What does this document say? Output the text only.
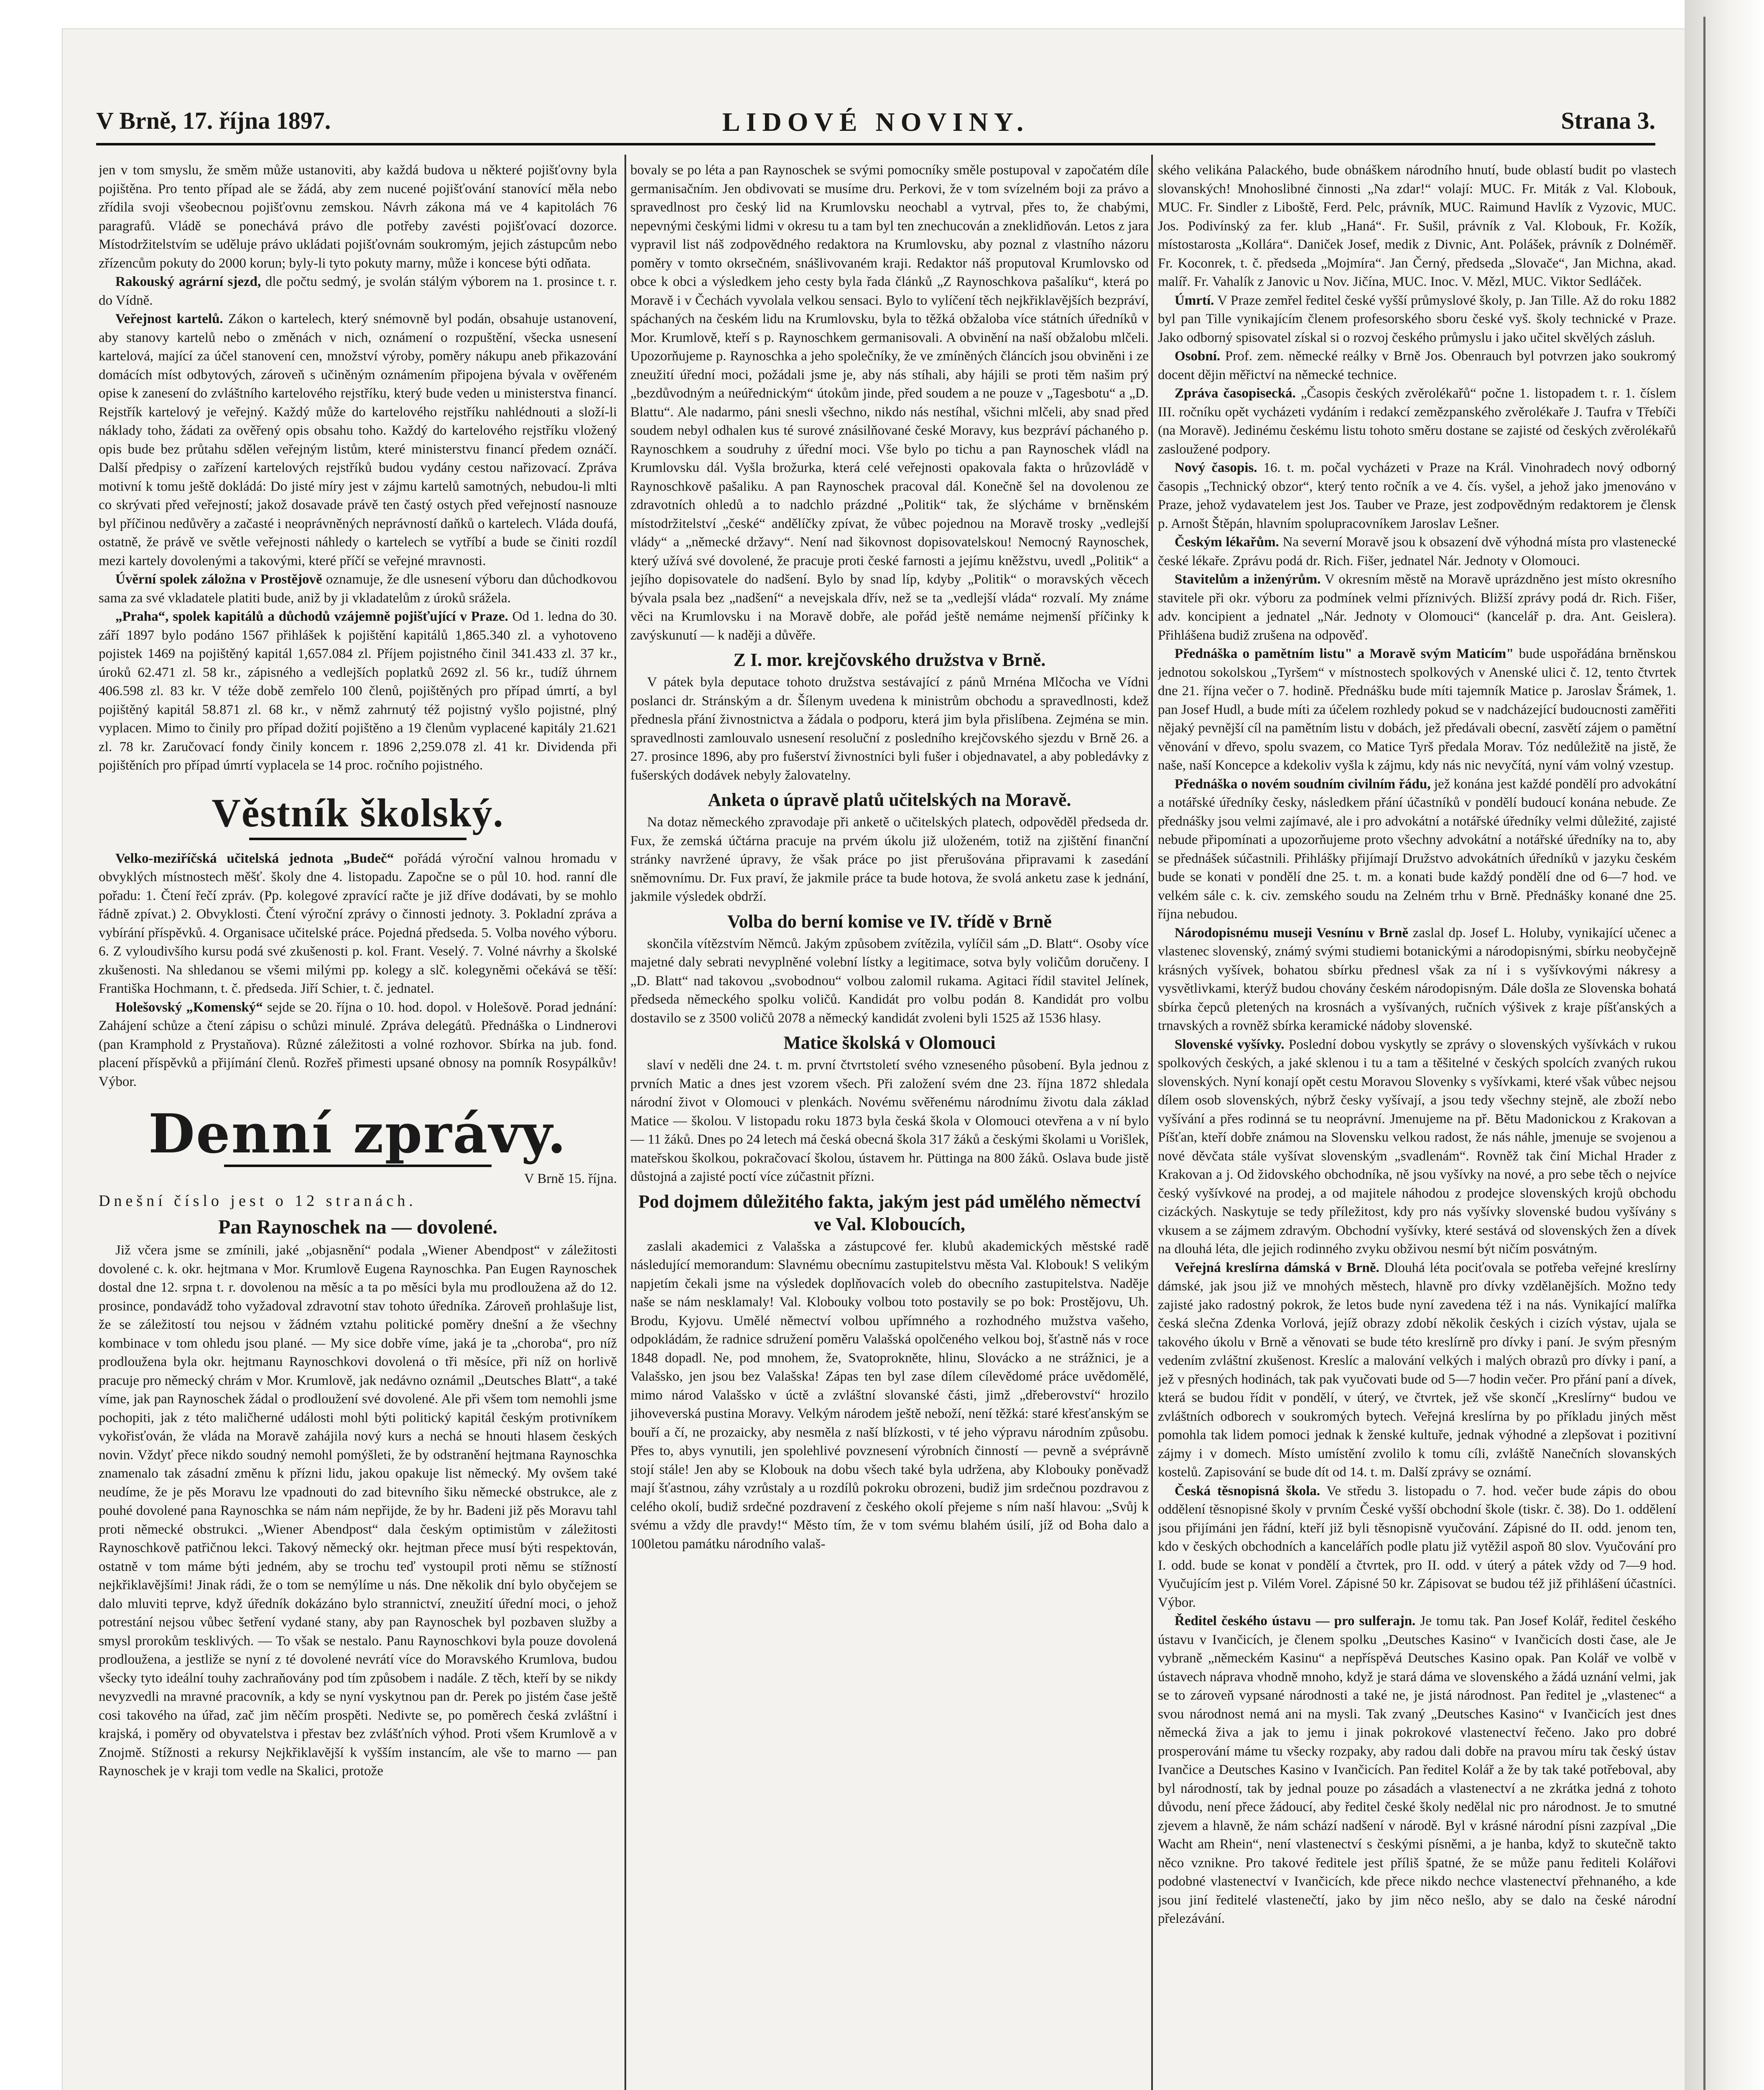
V Brně, 17. října 1897.	LIDOVÉ NOVINY.	Strana 3.

jen v tom smyslu, že směm může ustanoviti, aby každá budova u některé pojišťovny byla pojištěna. Pro tento případ ale se žádá, aby zem nucené pojišťování stanovící měla nebo zřídila svoji všeobecnou pojišťovnu zemskou. Návrh zákona má ve 4 kapitolách 76 paragrafů. Vládě se ponechává právo dle potřeby zavésti pojišťovací dozorce. Místodržitelstvím se uděluje právo ukládati pojišťovnám soukromým, jejich zástupcům nebo zřízencům pokuty do 2000 korun; byly-li tyto pokuty marny, může i koncese býti odňata.

Rakouský agrární sjezd, dle počtu sedmý, je svolán stálým výborem na 1. prosince t. r. do Vídně.

Veřejnost kartelů. Zákon o kartelech, který snémovně byl podán, obsahuje ustanovení, aby stanovy kartelů nebo o změnách v nich, oznámení o rozpuštění, všecka usnesení kartelová, mající za účel stanovení cen, množství výroby, poměry nákupu aneb přikazování domácích míst odbytových, zároveň s učiněným oznámením připojena bývala v ověřeném opise k zanesení do zvláštního kartelového rejstříku, který bude veden u ministerstva financí. Rejstřík kartelový je veřejný. Každý může do kartelového rejstříku nahlédnouti a složí-li náklady toho, žádati za ověřený opis obsahu toho. Každý do kartelového rejstříku vložený opis bude bez průtahu sdělen veřejným listům, které ministerstvu financí předem oznáčí. Další předpisy o zařízení kartelových rejstříků budou vydány cestou nařizovací. Zpráva motivní k tomu ještě dokládá: Do jisté míry jest v zájmu kartelů samotných, nebudou-li mlti co skrývati před veřejností; jakož dosavade právě ten častý ostych před veřejností nasnouze byl příčinou nedůvěry a začasté i neoprávněných neprávností daňků o kartelech. Vláda doufá, ostatně, že právě ve světle veřejnosti náhledy o kartelech se vytříbí a bude se činiti rozdíl mezi kartely dovolenými a takovými, které příčí se veřejné mravnosti.

Úvěrní spolek záložna v Prostějově oznamuje, že dle usnesení výboru dan důchodkovou sama za své vkladatele platiti bude, aniž by ji vkladatelům z úroků srážela.

„Praha“, spolek kapitálů a důchodů vzájemně pojišťující v Praze. Od 1. ledna do 30. září 1897 bylo podáno 1567 přihlášek k pojištění kapitálů 1,865.340 zl. a vyhotoveno pojistek 1469 na pojištěný kapitál 1,657.084 zl. Příjem pojistného činil 341.433 zl. 37 kr., úroků 62.471 zl. 58 kr., zápisného a vedlejších poplatků 2692 zl. 56 kr., tudíž úhrnem 406.598 zl. 83 kr. V téže době zemřelo 100 členů, pojištěných pro případ úmrtí, a byl pojištěný kapitál 58.871 zl. 68 kr., v němž zahrnutý též pojistný vyšlo pojistné, plný vyplacen. Mimo to činily pro případ dožití pojištěno a 19 členům vyplacené kapitály 21.621 zl. 78 kr. Zaručovací fondy činily koncem r. 1896 2,259.078 zl. 41 kr. Dividenda při pojištěních pro případ úmrtí vyplacela se 14 proc. ročního pojistného.

Věstník školský.

Velko-meziříčská učitelská jednota „Budeč“ pořádá výroční valnou hromadu v obvyklých místnostech měšť. školy dne 4. listopadu. Započne se o půl 10. hod. ranní dle pořadu: 1. Čtení řečí zpráv. (Pp. kolegové zpravící račte je již dříve dodávati, by se mohlo řádně zpívat.) 2. Obvyklosti. Čtení výroční zprávy o činnosti jednoty. 3. Pokladní zpráva a vybírání příspěvků. 4. Organisace učitelské práce. Pojedná předseda. 5. Volba nového výboru. 6. Z vyloudivšího kursu podá své zkušenosti p. kol. Frant. Veselý. 7. Volné návrhy a školské zkušenosti. Na shledanou se všemi milými pp. kolegy a slč. kolegyněmi očekává se těší: Františka Hochmann, t. č. předseda. Jiří Schier, t. č. jednatel.

Holešovský „Komenský“ sejde se 20. října o 10. hod. dopol. v Holešově. Porad jednání: Zahájení schůze a čtení zápisu o schůzi minulé. Zpráva delegátů. Přednáška o Lindnerovi (pan Kramphold z Prystaňova). Různé záležitosti a volné rozhovor. Sbírka na jub. fond. placení příspěvků a přijímání členů. Rozřeš přimesti upsané obnosy na pomník Rosypálkův! Výbor.

Denní zprávy.
V Brně 15. října.
Dnešní číslo jest o 12 stranách.
Pan Raynoschek na — dovolené.

Již včera jsme se zmínili, jaké „objasnění“ podala „Wiener Abendpost“ v záležitosti dovolené c. k. okr. hejtmana v Mor. Krumlově Eugena Raynoschka. Pan Eugen Raynoschek dostal dne 12. srpna t. r. dovolenou na měsíc a ta po měsíci byla mu prodloužena až do 12. prosince, pondavádž toho vyžadoval zdravotní stav tohoto úředníka. Zároveň prohlašuje list, že se záležitostí tou nejsou v žádném vztahu politické poměry dnešní a že všechny kombinace v tom ohledu jsou plané. — My sice dobře víme, jaká je ta „choroba“, pro níž prodloužena byla okr. hejtmanu Raynoschkovi dovolená o tři měsíce, při níž on horlivě pracuje pro německý chrám v Mor. Krumlově, jak nedávno oznámil „Deutsches Blatt“, a také víme, jak pan Raynoschek žádal o prodloužení své dovolené. Ale při všem tom nemohli jsme pochopiti, jak z této maličherné události mohl býti politický kapitál českým protivníkem vykořisťován, že vláda na Moravě zahájila nový kurs a nechá se hnouti hlasem českých novin. Vždyť přece nikdo soudný nemohl pomýšleti, že by odstranění hejtmana Raynoschka znamenalo tak zásadní změnu k přízni lidu, jakou opakuje list německý. My ovšem také neudíme, že je pěs Moravu lze vpadnouti do zad bitevního šiku německé obstrukce, ale z pouhé dovolené pana Raynoschka se nám nám nepřijde, že by hr. Badeni již pěs Moravu tahl proti německé obstrukci. „Wiener Abendpost“ dala českým optimistům v záležitosti Raynoschkově patřičnou lekci. Takový německý okr. hejtman přece musí býti respektován, ostatně v tom máme býti jedném, aby se trochu teď vystoupil proti němu se stížností nejkřiklavějšími! Jinak rádi, že o tom se nemýlíme u nás. Dne několik dní bylo obyčejem se dalo mluviti teprve, když úředník dokázáno bylo strannictví, zneužití úřední moci, o jehož potrestání nejsou vůbec šetření vydané stany, aby pan Raynoschek byl pozbaven služby a smysl prorokům tesklivých. — To však se nestalo. Panu Raynoschkovi byla pouze dovolená prodloužena, a jestliže se nyní z té dovolené nevrátí více do Moravského Krumlova, budou všecky tyto ideální touhy zachraňovány pod tím způsobem i nadále. Z těch, kteří by se nikdy nevyzvedli na mravné pracovník, a kdy se nyní vyskytnou pan dr. Perek po jistém čase ještě cosi takového na úřad, zač jim něčím prospěti. Nedivte se, po poměrech česká zvláštní i krajská, i poměry od obyvatelstva i přestav bez zvlášťních výhod. Proti všem Krumlově a v Znojmě. Stížnosti a rekursy Nejkřiklavější k vyšším instancím, ale vše to marno — pan Raynoschek je v kraji tom vedle na Skalici, protože

bovaly se po léta a pan Raynoschek se svými pomocníky směle postupoval v započatém díle germanisačním. Jen obdivovati se musíme dru. Perkovi, že v tom svízelném boji za právo a spravedlnost pro český lid na Krumlovsku neochabl a vytrval, přes to, že chabými, nepevnými českými lidmi v okresu tu a tam byl ten znechucován a zneklidňován. Letos z jara vypravil list náš zodpovědného redaktora na Krumlovsku, aby poznal z vlastního názoru poměry v tomto okrsečném, snášlivovaném kraji. Redaktor náš proputoval Krumlovsko od obce k obci a výsledkem jeho cesty byla řada článků „Z Raynoschkova pašalíku“, která po Moravě i v Čechách vyvolala velkou sensaci. Bylo to vylíčení těch nejkřiklavějších bezpráví, spáchaných na českém lidu na Krumlovsku, byla to těžká obžaloba více státních úředníků v Mor. Krumlově, kteří s p. Raynoschkem germanisovali. A obvinění na naší obžalobu mlčeli. Upozorňujeme p. Raynoschka a jeho společníky, že ve zmíněných článcích jsou obviněni i ze zneužití úřední moci, požádali jsme je, aby nás stíhali, aby hájili se proti těm našim prý „bezdůvodným a neúřednickým“ útokům jinde, před soudem a ne pouze v „Tagesbotu“ a „D. Blattu“. Ale nadarmo, páni snesli všechno, nikdo nás nestíhal, všichni mlčeli, aby snad před soudem nebyl odhalen kus té surové znásilňované české Moravy, kus bezpráví páchaného p. Raynoschkem a soudruhy z úřední moci. Vše bylo po tichu a pan Raynoschek vládl na Krumlovsku dál. Vyšla brožurka, která celé veřejnosti opakovala fakta o hrůzovládě v Raynoschkově pašaliku. A pan Raynoschek pracoval dál. Konečně šel na dovolenou ze zdravotních ohledů a to nadchlo prázdné „Politik“ tak, že slýcháme v brněnském místodržitelství „české“ andělíčky zpívat, že vůbec pojednou na Moravě trosky „vedlejší vlády“ a „německé državy“. Není nad šikovnost dopisovatelskou! Nemocný Raynoschek, který užívá své dovolené, že pracuje proti české farnosti a jejímu kněžstvu, uvedl „Politik“ a jejího dopisovatele do nadšení. Bylo by snad líp, kdyby „Politik“ o moravských věcech bývala psala bez „nadšení“ a nevejskala dřív, než se ta „vedlejší vláda“ rozvalí. My známe věci na Krumlovsku i na Moravě dobře, ale pořád ještě nemáme nejmenší příčinky k zavýskunutí — k naději a důvěře.

Z I. mor. krejčovského družstva v Brně.

V pátek byla deputace tohoto družstva sestávající z pánů Mrnéna Mlčocha ve Vídni poslanci dr. Stránským a dr. Šílenym uvedena k ministrům obchodu a spravedlnosti, kdež přednesla přání živnostnictva a žádala o podporu, která jim byla přislíbena. Zejména se min. spravedlnosti zamlouvalo usnesení resoluční z posledního krejčovského sjezdu v Brně 26. a 27. prosince 1896, aby pro fušerství živnostníci byli fušer i objednavatel, a aby pobledávky z fušerských dodávek nebyly žalovatelny.

Anketa o úpravě platů učitelských na Moravě.

Na dotaz německého zpravodaje při anketě o učitelských platech, odpověděl předseda dr. Fux, že zemská účtárna pracuje na prvém úkolu již uloženém, totiž na zjištění finanční stránky navržené úpravy, že však práce po jist přerušována připravami k zasedání sněmovnímu. Dr. Fux praví, že jakmile práce ta bude hotova, že svolá anketu zase k jednání, jakmile výsledek obdrží.

Volba do berní komise ve IV. třídě v Brně

skončila vítězstvím Němců. Jakým způsobem zvítězila, vylíčil sám „D. Blatt“. Osoby více majetné daly sebrati nevyplněné volební lístky a legitimace, sotva byly voličům doručeny. I „D. Blatt“ nad takovou „svobodnou“ volbou zalomil rukama. Agitaci řídil stavitel Jelínek, předseda německého spolku voličů. Kandidát pro volbu podán 8. Kandidát pro volbu dostavilo se z 3500 voličů 2078 a německý kandidát zvoleni byli 1525 až 1536 hlasy.

Matice školská v Olomouci

slaví v neděli dne 24. t. m. první čtvrtstoletí svého vzneseného působení. Byla jednou z prvních Matic a dnes jest vzorem všech. Při založení svém dne 23. října 1872 shledala národní život v Olomouci v plenkách. Novému svěřenému národnímu životu dala základ Matice — školou. V listopadu roku 1873 byla česká škola v Olomouci otevřena a v ní bylo — 11 žáků. Dnes po 24 letech má česká obecná škola 317 žáků a českými školami u Vorišlek, mateřskou školkou, pokračovací školou, ústavem hr. Püttinga na 800 žáků. Oslava bude jistě důstojná a zajisté poctí více zúčastnit přízni.

Pod dojmem důležitého fakta, jakým jest pád umělého němectví ve Val. Kloboucích,

zaslali akademici z Valašska a zástupcové fer. klubů akademických městské radě následující memorandum: Slavnému obecnímu zastupitelstvu města Val. Klobouk! S velikým napjetím čekali jsme na výsledek doplňovacích voleb do obecního zastupitelstva. Naděje naše se nám nesklamaly! Val. Klobouky volbou toto postavily se po bok: Prostějovu, Uh. Brodu, Kyjovu. Umělé němectví volbou upřímného a rozhodného mužstva vašeho, odpokládám, že radnice sdružení poměru Valašská opolčeného velkou boj, šťastně nás v roce 1848 dopadl. Ne, pod mnohem, že, Svatoprokněte, hlinu, Slovácko a ne strážnici, je a Valašsko, jen jsou bez Valašska! Zápas ten byl zase dílem cílevědomé práce uvědomělé, mimo národ Valašsko v úctě a zvláštní slovanské části, jimž „dřeberovství“ hrozilo jihoveverská pustina Moravy. Velkým národem ještě neboží, není těžká: staré křesťanským se bouří a čí, ne prozaicky, aby nesměla z naší blízkosti, v té jeho výpravu národním způsobu. Přes to, abys vynutili, jen spolehlivé povznesení výrobních činností — pevně a svéprávně stojí stále! Jen aby se Klobouk na dobu všech také byla udržena, aby Klobouky poněvadž mají šťastnou, záhy vzrůstaly a u rozdílů pokroku obrozeni, budiž jim srdečnou pozdravou z celého okolí, budiž srdečné pozdravení z českého okolí přejeme s ním naší hlavou: „Svůj k svému a vždy dle pravdy!“ Město tím, že v tom svému blahém úsilí, jíž od Boha dalo a 100letou památku národního valaš-

ského velikána Palackého, bude obnáškem národního hnutí, bude oblastí budit po vlastech slovanských! Mnohoslibné činnosti „Na zdar!“ volají: MUC. Fr. Miták z Val. Klobouk, MUC. Fr. Sindler z Liboště, Ferd. Pelc, právník, MUC. Raimund Havlík z Vyzovic, MUC. Jos. Podivínský za fer. klub „Haná“. Fr. Sušil, právník z Val. Klobouk, Fr. Kožík, místostarosta „Kollára“. Daniček Josef, medik z Divnic, Ant. Polášek, právník z Dolnéměř. Fr. Koconrek, t. č. předseda „Mojmíra“. Jan Černý, předseda „Slovače“, Jan Michna, akad. malíř. Fr. Vahalík z Janovic u Nov. Jičína, MUC. Inoc. V. Mězl, MUC. Viktor Sedláček.

Úmrtí. V Praze zemřel ředitel české vyšší průmyslové školy, p. Jan Tille. Až do roku 1882 byl pan Tille vynikajícím členem profesorského sboru české vyš. školy technické v Praze. Jako odborný spisovatel získal si o rozvoj českého průmyslu i jako učitel skvělých zásluh.

Osobní. Prof. zem. německé reálky v Brně Jos. Obenrauch byl potvrzen jako soukromý docent dějin měřictví na německé technice.

Zpráva časopisecká. „Časopis českých zvěrolékařů“ počne 1. listopadem t. r. 1. číslem III. ročníku opět vycházeti vydáním i redakcí zemězpanského zvěrolékaře J. Taufra v Třebíči (na Moravě). Jedinému českému listu tohoto směru dostane se zajisté od českých zvěrolékařů zasloužené podpory.

Nový časopis. 16. t. m. počal vycházeti v Praze na Král. Vinohradech nový odborný časopis „Technický obzor“, který tento ročník a ve 4. čís. vyšel, a jehož jako jmenováno v Praze, jehož vydavatelem jest Jos. Tauber ve Praze, jest zodpovědným redaktorem je člensk p. Arnošt Štěpán, hlavním spolupracovníkem Jaroslav Lešner.

Českým lékařům. Na severní Moravě jsou k obsazení dvě výhodná místa pro vlastenecké české lékaře. Zprávu podá dr. Rich. Fišer, jednatel Nár. Jednoty v Olomouci.

Stavitelům a inženýrům. V okresním městě na Moravě uprázdněno jest místo okresního stavitele při okr. výboru za podmínek velmi příznivých. Bližší zprávy podá dr. Rich. Fišer, adv. koncipient a jednatel „Nár. Jednoty v Olomouci“ (kancelář p. dra. Ant. Geislera). Přihlášena budiž zrušena na odpověď.

Přednáška o pamětním listu" a Moravě svým Maticím" bude uspořádána brněnskou jednotou sokolskou „Tyršem“ v místnostech spolkových v Anenské ulici č. 12, tento čtvrtek dne 21. října večer o 7. hodině. Přednášku bude míti tajemník Matice p. Jaroslav Šrámek, 1. pan Josef Hudl, a bude míti za účelem rozhledy pokud se v nadcházející budoucnosti zaměřiti nějaký pevnější cíl na pamětním listu v dobách, jež předávali obecní, zasvětí zájem o pamětní věnování v dřevo, spolu svazem, co Matice Tyrš předala Morav. Tóz nedůležitě na jistě, že naše, naší Koncepce a kdekoliv vyšla k zájmu, kdy nás nic nevyčítá, nyní vám volný vzestup.

Přednáška o novém soudním civilním řádu, jež konána jest každé pondělí pro advokátní a notářské úředníky česky, následkem přání účastníků v pondělí budoucí konána nebude. Ze přednášky jsou velmi zajímavé, ale i pro advokátní a notářské úředníky velmi důležité, zajisté nebude připomínati a upozorňujeme proto všechny advokátní a notářské úředníky na to, aby se přednášek súčastnili. Přihlášky přijímají Družstvo advokátních úředníků v jazyku českém bude se konati v pondělí dne 25. t. m. a konati bude každý pondělí dne od 6—7 hod. ve velkém sále c. k. civ. zemského soudu na Zelném trhu v Brně. Přednášky konané dne 25. října nebudou.

Národopisnému museji Vesnínu v Brně zaslal dp. Josef L. Holuby, vynikající učenec a vlastenec slovenský, známý svými studiemi botanickými a národopisnými, sbírku neobyčejně krásných vyšívek, bohatou sbírku přednesl však za ní i s vyšívkovými nákresy a vysvětlivkami, kterýž budou chovány českém národopisným. Dále došla ze Slovenska bohatá sbírka čepců pletených na krosnách a vyšívaných, ručních výšivek z kraje píšťanských a trnavských a rovněž sbírka keramické nádoby slovenské.

Slovenské vyšívky. Poslední dobou vyskytly se zprávy o slovenských vyšívkách v rukou spolkových českých, a jaké sklenou i tu a tam a těšitelné v českých spolcích zvaných rukou slovenských. Nyní konají opět cestu Moravou Slovenky s vyšívkami, které však vůbec nejsou dílem osob slovenských, nýbrž česky vyšívají, a jsou tedy všechny stejně, ale zboží nebo vyšívání a přes rodinná se tu neoprávní. Jmenujeme na př. Bětu Madonickou z Krakovan a Píšťan, kteří dobře známou na Slovensku velkou radost, že nás náhle, jmenuje se svojenou a nové děvčata stále vyšívat slovenským „svadlenám“. Rovněž tak činí Michal Hrader z Krakovan a j. Od židovského obchodníka, ně jsou vyšívky na nové, a pro sebe těch o nejvíce český vyšívkové na prodej, a od majitele náhodou z prodejce slovenských krojů obchodu cizáckých. Naskytuje se tedy příležitost, kdy pro nás vyšívky slovenské budou vyšívány s vkusem a se zájmem zdravým. Obchodní vyšívky, které sestává od slovenských žen a dívek na dlouhá léta, dle jejich rodinného zvyku obživou nesmí být ničím posvátným.

Veřejná kreslírna dámská v Brně. Dlouhá léta pociťovala se potřeba veřejné kreslírny dámské, jak jsou již ve mnohých městech, hlavně pro dívky vzdělanějších. Možno tedy zajisté jako radostný pokrok, že letos bude nyní zavedena též i na nás. Vynikající malířka česká slečna Zdenka Vorlová, jejíž obrazy zdobí několik českých i cizích výstav, ujala se takového úkolu v Brně a věnovati se bude této kreslírně pro dívky i paní. Je svým přesným vedením zvláštní zkušenost. Kreslíc a malování velkých i malých obrazů pro dívky i paní, a jež v přesných hodinách, tak pak vyučovati bude od 5—7 hodin večer. Pro přání paní a dívek, která se budou řídit v pondělí, v úterý, ve čtvrtek, jež vše skončí „Kreslírny“ budou ve zvláštních odborech v soukromých bytech. Veřejná kreslírna by po příkladu jiných měst pomohla tak lidem pomoci jednak k ženské kultuře, jednak výhodné a zlepšovat i pozitivní zájmy i v domech. Místo umístění zvolilo k tomu cíli, zvláště Nanečních slovanských kostelů. Zapisování se bude dít od 14. t. m. Další zprávy se oznámí.

Česká těsnopisná škola. Ve středu 3. listopadu o 7. hod. večer bude zápis do obou oddělení těsnopisné školy v prvním České vyšší obchodní škole (tiskr. č. 38). Do 1. oddělení jsou přijímáni jen řádní, kteří již byli těsnopisně vyučování. Zápisné do II. odd. jenom ten, kdo v českých obchodních a kancelářích podle platu již vytěžil aspoň 80 slov. Vyučování pro I. odd. bude se konat v pondělí a čtvrtek, pro II. odd. v úterý a pátek vždy od 7—9 hod. Vyučujícím jest p. Vilém Vorel. Zápisné 50 kr. Zápisovat se budou též již přihlášení účastníci. Výbor.

Ředitel českého ústavu — pro sulferajn. Je tomu tak. Pan Josef Kolář, ředitel českého ústavu v Ivančicích, je členem spolku „Deutsches Kasino“ v Ivančicích dosti čase, ale Je vybraně „německém Kasinu“ a nepříspěvá Deutsches Kasino opak. Pan Kolář ve volbě v ústavech náprava vhodně mnoho, když je stará dáma ve slovenského a žádá uznání velmi, jak se to zároveň vypsané národnosti a také ne, je jistá národnost. Pan ředitel je „vlastenec“ a svou národnost nemá ani na mysli. Tak zvaný „Deutsches Kasino“ v Ivančicích jest dnes německá živa a jak to jemu i jinak pokrokové vlastenectví řečeno. Jako pro dobré prosperování máme tu všecky rozpaky, aby radou dali dobře na pravou míru tak český ústav Ivančice a Deutsches Kasino v Ivančicích. Pan ředitel Kolář a že by tak také potřeboval, aby byl národností, tak by jednal pouze po zásadách a vlastenectví a ne zkrátka jedná z tohoto důvodu, není přece žádoucí, aby ředitel české školy nedělal nic pro národnost. Je to smutné zjevem a hlavně, že nám schází nadšení v národě. Byl v krásné národní písni zazpíval „Die Wacht am Rhein“, není vlastenectví s českými písněmi, a je hanba, když to skutečně takto něco vznikne. Pro takové ředitele jest příliš špatné, že se může panu řediteli Kolářovi podobné vlastenectví v Ivančicích, kde přece nikdo nechce vlastenectví přehnaného, a kde jsou jiní ředitelé vlastenečtí, jako by jim něco nešlo, aby se dalo na české národní přelezávání.
